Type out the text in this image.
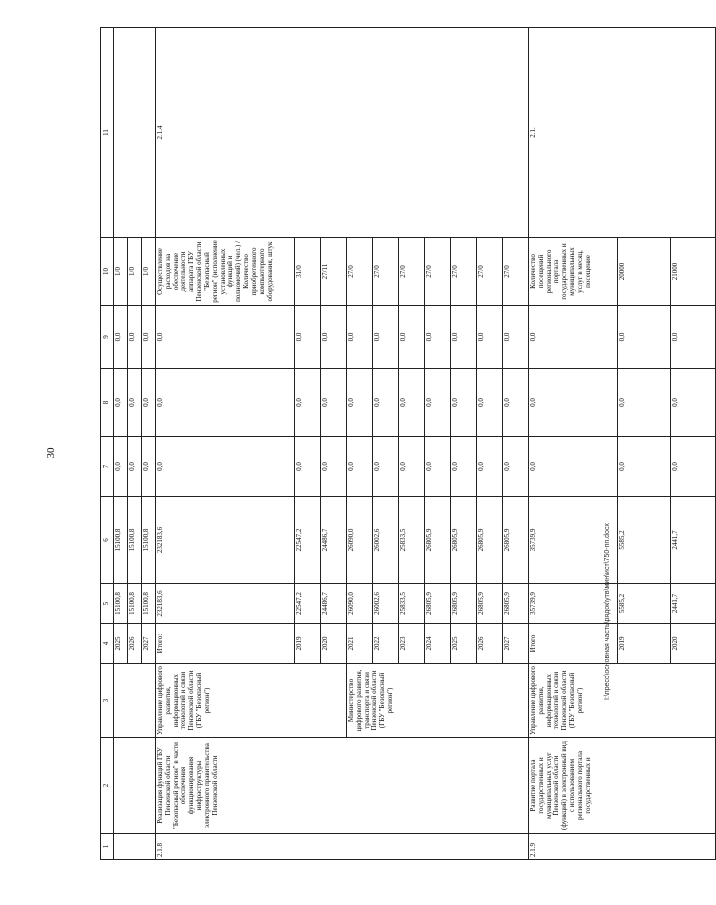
30
1	2	3	4	5	6	7	8	9	10	11
			2025	15100,8	15100,8	0,0	0,0	0,0	1/0	
			2026	15100,8	15100,8	0,0	0,0	0,0	1/0	
			2027	15100,8	15100,8	0,0	0,0	0,0	1/0	
2.1.8	Реализация функций ГБУ Пензенской области "Безопасный регион" в части обеспечения функционирования инфраструктуры электронного правительства Пензенской области	Управление цифрового развития, информационных технологий и связи Пензенской области (ГБУ "Безопасный регион")	Итого:	232183,6	232183,6	0,0	0,0	0,0	Осуществление расходов на обеспечение деятельности аппарата ГБУ Пензенской области "Безопасный регион" (исполнение установленных функций и полномочий) (чел.) / Количество приобретенного компьютерного оборудования, штук	2.1.4
			2019	22547,2	22547,2	0,0	0,0	0,0	31/0	
			2020	24486,7	24486,7	0,0	0,0	0,0	27/11	
		Министерство цифрового развития, транспорта и связи Пензенской области (ГБУ "Безопасный регион")	2021	26090,0	26090,0	0,0	0,0	0,0	27/0	
			2022	26002,6	26002,6	0,0	0,0	0,0	27/0	
			2023	25833,5	25833,5	0,0	0,0	0,0	27/0	
			2024	26805,9	26805,9	0,0	0,0	0,0	27/0	
			2025	26805,9	26805,9	0,0	0,0	0,0	27/0	
			2026	26805,9	26805,9	0,0	0,0	0,0	27/0	
			2027	26805,9	26805,9	0,0	0,0	0,0	27/0	
2.1.9	Развитие портала государственных и муниципальных услуг Пензенской области (функций) в электронный вид с использованием регионального портала государственных и	Управление цифрового развития, информационных технологий и связи Пензенской области (ГБУ "Безопасный регион")	Итого	35739,9	35739,9	0,0	0,0	0,0	Количество посещений регионального портала государственных и муниципальных услуг в месяц, посещение	2.1.
			2019	5585,2	5585,2	0,0	0,0	0,0	20000	
			2020	2441,7	2441,7	0,0	0,0	0,0	21000	
I:\пресс\основная часть\рядок\утв\мин\ист\750-пп.docx
